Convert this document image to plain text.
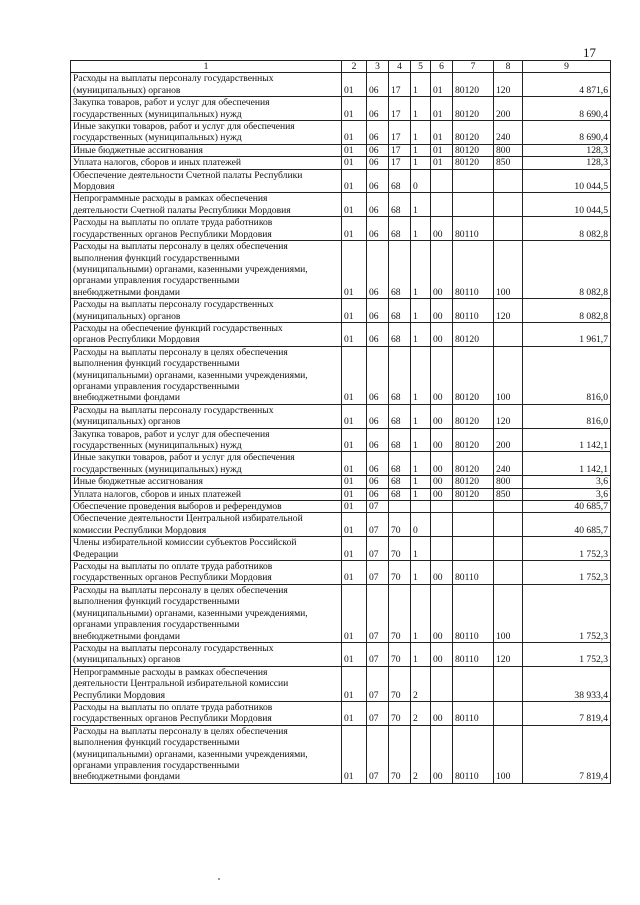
17
1	2	3	4	5	6	7	8	9
Расходы на выплаты персоналу государственных
(муниципальных) органов	01	06	17	1	01	80120	120	4 871,6
Закупка товаров, работ и услуг для обеспечения
государственных (муниципальных) нужд	01	06	17	1	01	80120	200	8 690,4
Иные закупки товаров, работ и услуг для обеспечения
государственных (муниципальных) нужд	01	06	17	1	01	80120	240	8 690,4
Иные бюджетные ассигнования	01	06	17	1	01	80120	800	128,3
Уплата налогов, сборов и иных платежей	01	06	17	1	01	80120	850	128,3
Обеспечение деятельности Счетной палаты Республики
Мордовия	01	06	68	0				10 044,5
Непрограммные расходы в рамках обеспечения
деятельности Счетной палаты Республики Мордовия	01	06	68	1				10 044,5
Расходы на выплаты по оплате труда работников
государственных органов Республики Мордовия	01	06	68	1	00	80110		8 082,8
Расходы на выплаты персоналу в целях обеспечения
выполнения функций государственными
(муниципальными) органами, казенными учреждениями,
органами управления государственными
внебюджетными фондами	01	06	68	1	00	80110	100	8 082,8
Расходы на выплаты персоналу государственных
(муниципальных) органов	01	06	68	1	00	80110	120	8 082,8
Расходы на обеспечение функций государственных
органов Республики Мордовия	01	06	68	1	00	80120		1 961,7
Расходы на выплаты персоналу в целях обеспечения
выполнения функций государственными
(муниципальными) органами, казенными учреждениями,
органами управления государственными
внебюджетными фондами	01	06	68	1	00	80120	100	816,0
Расходы на выплаты персоналу государственных
(муниципальных) органов	01	06	68	1	00	80120	120	816,0
Закупка товаров, работ и услуг для обеспечения
государственных (муниципальных) нужд	01	06	68	1	00	80120	200	1 142,1
Иные закупки товаров, работ и услуг для обеспечения
государственных (муниципальных) нужд	01	06	68	1	00	80120	240	1 142,1
Иные бюджетные ассигнования	01	06	68	1	00	80120	800	3,6
Уплата налогов, сборов и иных платежей	01	06	68	1	00	80120	850	3,6
Обеспечение проведения выборов и референдумов	01	07						40 685,7
Обеспечение деятельности Центральной избирательной
комиссии Республики Мордовия	01	07	70	0				40 685,7
Члены избирательной комиссии субъектов Российской
Федерации	01	07	70	1				1 752,3
Расходы на выплаты по оплате труда работников
государственных органов Республики Мордовия	01	07	70	1	00	80110		1 752,3
Расходы на выплаты персоналу в целях обеспечения
выполнения функций государственными
(муниципальными) органами, казенными учреждениями,
органами управления государственными
внебюджетными фондами	01	07	70	1	00	80110	100	1 752,3
Расходы на выплаты персоналу государственных
(муниципальных) органов	01	07	70	1	00	80110	120	1 752,3
Непрограммные расходы в рамках обеспечения
деятельности Центральной избирательной комиссии
Республики Мордовия	01	07	70	2				38 933,4
Расходы на выплаты по оплате труда работников
государственных органов Республики Мордовия	01	07	70	2	00	80110		7 819,4
Расходы на выплаты персоналу в целях обеспечения
выполнения функций государственными
(муниципальными) органами, казенными учреждениями,
органами управления государственными
внебюджетными фондами	01	07	70	2	00	80110	100	7 819,4
